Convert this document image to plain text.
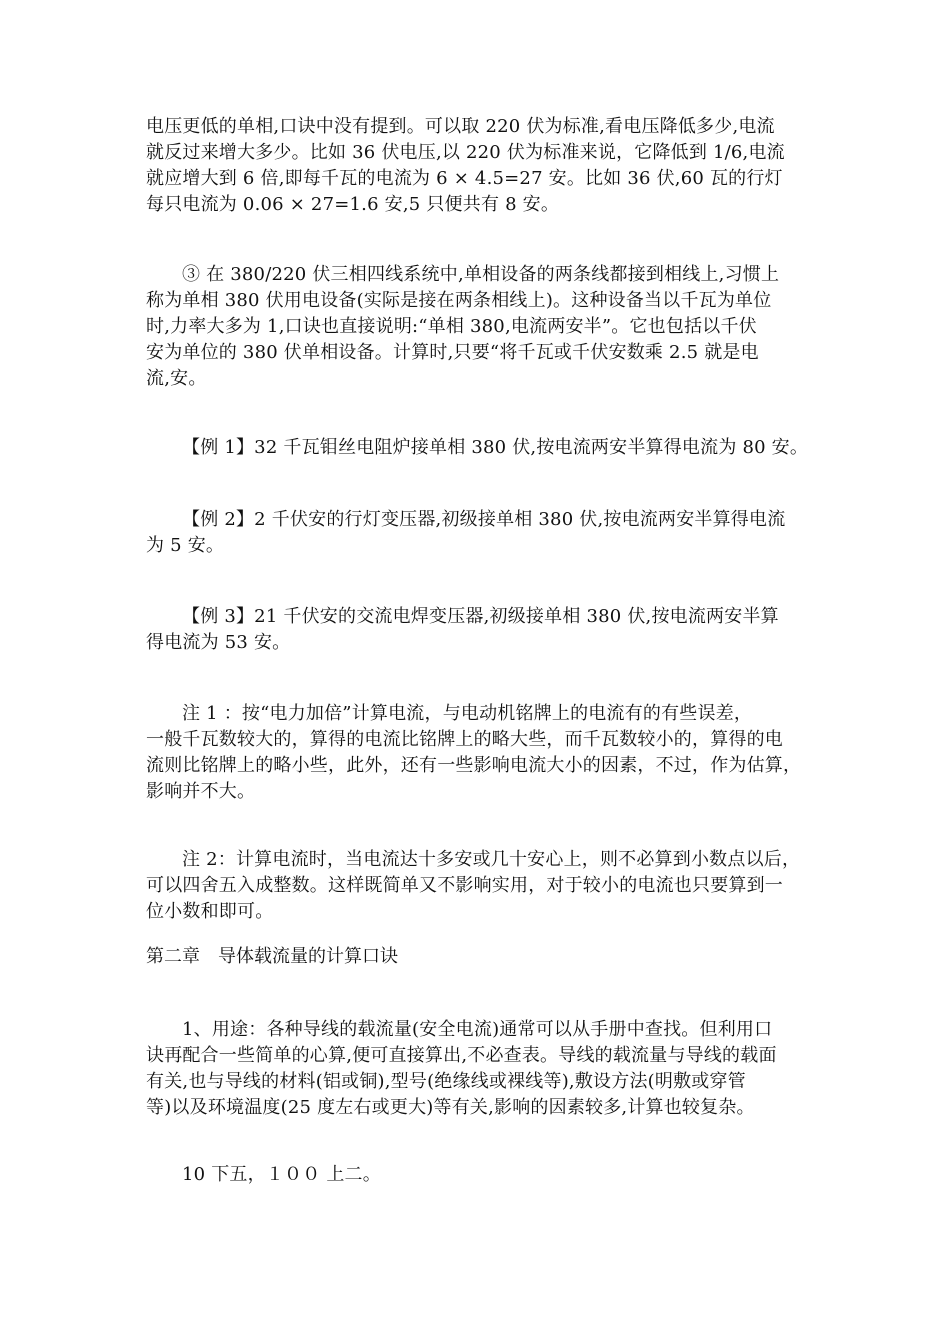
电压更低的单相,口诀中没有提到。可以取 220 伏为标准,看电压降低多少,电流
就反过来增大多少。比如 36 伏电压,以 220 伏为标准来说，它降低到 1/6,电流
就应增大到 6 倍,即每千瓦的电流为 6 × 4.5=27 安。比如 36 伏,60 瓦的行灯
每只电流为 0.06 × 27=1.6 安,5 只便共有 8 安。
③ 在 380/220 伏三相四线系统中,单相设备的两条线都接到相线上,习惯上
称为单相 380 伏用电设备(实际是接在两条相线上)。这种设备当以千瓦为单位
时,力率大多为 1,口诀也直接说明:“单相 380,电流两安半”。它也包括以千伏
安为单位的 380 伏单相设备。计算时,只要“将千瓦或千伏安数乘 2.5 就是电
流,安。
【例 1】32 千瓦钼丝电阻炉接单相 380 伏,按电流两安半算得电流为 80 安。
【例 2】2 千伏安的行灯变压器,初级接单相 380 伏,按电流两安半算得电流
为 5 安。
【例 3】21 千伏安的交流电焊变压器,初级接单相 380 伏,按电流两安半算
得电流为 53 安。
注 1 ：按“电力加倍”计算电流，与电动机铭牌上的电流有的有些误差，
一般千瓦数较大的，算得的电流比铭牌上的略大些，而千瓦数较小的，算得的电
流则比铭牌上的略小些，此外，还有一些影响电流大小的因素，不过，作为估算，
影响并不大。
注 2：计算电流时，当电流达十多安或几十安心上，则不必算到小数点以后，
可以四舍五入成整数。这样既简单又不影响实用，对于较小的电流也只要算到一
位小数和即可。
第二章　导体载流量的计算口诀
1、用途：各种导线的载流量(安全电流)通常可以从手册中查找。但利用口
诀再配合一些简单的心算,便可直接算出,不必查表。导线的载流量与导线的载面
有关,也与导线的材料(铝或铜),型号(绝缘线或裸线等),敷设方法(明敷或穿管
等)以及环境温度(25 度左右或更大)等有关,影响的因素较多,计算也较复杂。
10 下五，１００ 上二。
